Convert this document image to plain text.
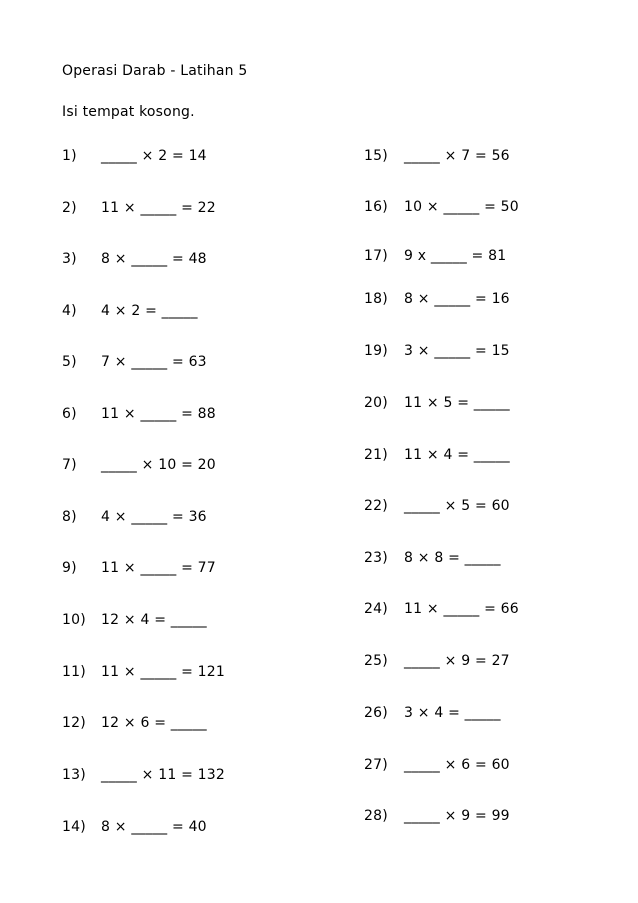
Operasi Darab - Latihan 5
Isi tempat kosong.
1) _____ × 2 = 14
2) 11 × _____ = 22
3) 8 × _____ = 48
4) 4 × 2 = _____
5) 7 × _____ = 63
6) 11 × _____ = 88
7) _____ × 10 = 20
8) 4 × _____ = 36
9) 11 × _____ = 77
10) 12 × 4 = _____
11) 11 × _____ = 121
12) 12 × 6 = _____
13) _____ × 11 = 132
14) 8 × _____ = 40
15) _____ × 7 = 56
16) 10 × _____ = 50
17) 9 x _____ = 81
18) 8 × _____ = 16
19) 3 × _____ = 15
20) 11 × 5 = _____
21) 11 × 4 = _____
22) _____ × 5 = 60
23) 8 × 8 = _____
24) 11 × _____ = 66
25) _____ × 9 = 27
26) 3 × 4 = _____
27) _____ × 6 = 60
28) _____ × 9 = 99
